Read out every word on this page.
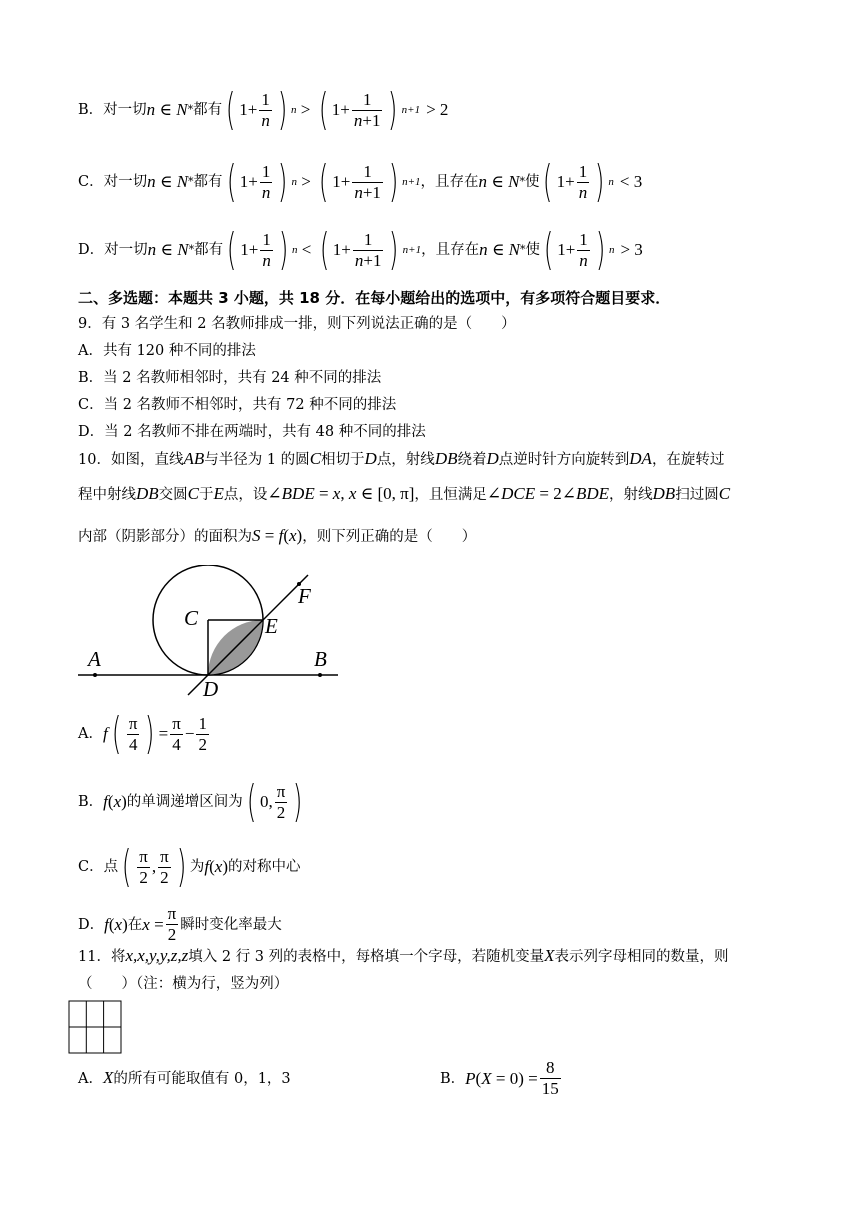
B． 对一切 n ∈ N * 都有 ( $1+ \frac{1}{n}$ ) n > ( $1+ \frac{1}{n+1}$ ) n+1 > 2
C． 对一切 n ∈ N * 都有 ( $1+ \frac{1}{n}$ ) n > ( $1+ \frac{1}{n+1}$ ) n+1 ，且存在 n ∈ N * 使 ( $1+ \frac{1}{n}$ ) n < 3
D． 对一切 n ∈ N * 都有 ( $1+ \frac{1}{n}$ ) n < ( $1+ \frac{1}{n+1}$ ) n+1 ，且存在 n ∈ N * 使 ( $1+ \frac{1}{n}$ ) n > 3
二、多选题：本题共 3 小题，共 18 分．在每小题给出的选项中，有多项符合题目要求．
9．有 3 名学生和 2 名教师排成一排，则下列说法正确的是（　　）
A．共有 120 种不同的排法
B．当 2 名教师相邻时，共有 24 种不同的排法
C．当 2 名教师不相邻时，共有 72 种不同的排法
D．当 2 名教师不排在两端时，共有 48 种不同的排法
10．如图，直线AB与半径为 1 的圆C相切于D点，射线DB绕着D点逆时针方向旋转到DA，在旋转过
程中射线DB交圆C于E点，设∠BDE = x, x ∈ [0, π]，且恒满足∠DCE = 2∠BDE，射线DB扫过圆C
内部（阴影部分）的面积为S = f(x)，则下列正确的是（　　）
A	B
C
D
E
F
A． f ( $\frac{\pi}{4}$ ) = $\frac{\pi}{4} - \frac{1}{2}$
B． f(x) 的单调递增区间为 ( 0, $\frac{\pi}{2}$ )
C．点 ( $\frac{\pi}{2}$ , $\frac{\pi}{2}$ ) 为 f(x) 的对称中心
D． f(x) 在 $x = \frac{\pi}{2}$ 瞬时变化率最大
11．将x,x,y,y,z,z填入 2 行 3 列的表格中，每格填一个字母，若随机变量X表示列字母相同的数量，则
（　　）（注：横为行，竖为列）
A．X的所有可能取值有 0，1，3	B． $P(X = 0) = \frac{8}{15}$
